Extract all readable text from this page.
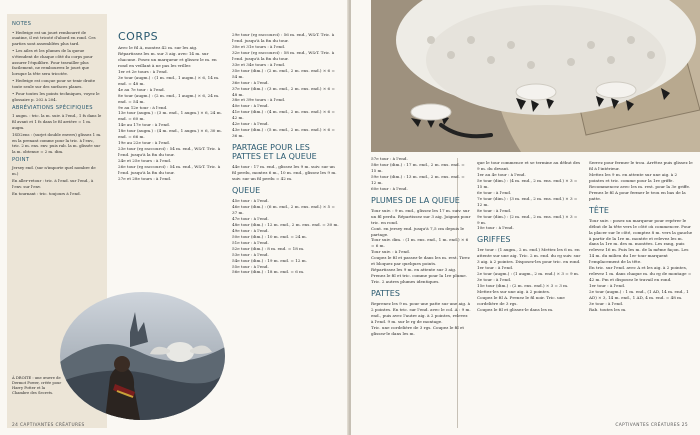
NOTES

• Hedwige est un jouet rembourré de ouatine, il est tricoté d'abord en rond. Ces parties sont assemblées plus tard.

• Les ailes et les plumes de la queue s'étendent de chaque côté du corps pour assurer l'équilibre. Pour travailler plus facilement, ne rembourrez le jouet que lorsque la tête sera tricotée.

• Hedwige est conçue pour se tenir droite toute seule sur des surfaces planes.

• Pour toutes les points techniques, voyez le glossaire p. 202 à 204.

ABRÉVIATIONS SPÉCIFIQUES

1 augm. : tric. la m. suiv. à l'end., 1 fs dans le fil avant et 1 fs dans le fil arrière = 1 m. augm.

1SD2ens : (surjet double envers) glissez 1 m. en la prenant comme pour la tric. à l'env., tric. 2 m. ens. env. puis rab. la m. glissée sur la m. obtenue = 2 m. dim.

POINT

Jersey end. (sur n'importe quel nombre de m.)

En aller-retour : tric. à l'end. sur l'end., à l'env. sur l'env.

En tournant : tric. toujours à l'end.

À DROITE : une œuvre de Dermot Power, créée pour Harry Potter et la Chambre des Secrets.
CORPS

Avec le fil A, montez 42 m. sur les aig.

Répartissez les m. sur 3 aig. avec 14 m. sur chacune. Posez un marqueur et glissez le m. en rond en veillant à ne pas les vriller.

1er et 2e tours : à l'end.

3e tour (augm.) : (1 m. end., 1 augm.) × 6, 14 m. end. = 48 m.

4e au 7e tour : à l'end.

8e tour (augm.) : (2 m. end., 1 augm.) × 6, 24 m. end. = 54 m.

9e au 12e tour : à l'end.

13e tour (augm.) : (3 m. end., 1 augm.) × 6, 24 m. end. = 60 m.

14e au 17e tour : à l'end.

18e tour (augm.) : (4 m. end., 1 augm.) × 6, 30 m. end. = 66 m.

19e au 22e tour : à l'end.

23e tour (rg raccourci) : 54 m. end., W&T. Tric. à l'end. jusqu'à la fin du tour.

24e et 25e tours : à l'end.

26e tour (rg raccourci) : 54 m. end., W&T. Tric. à l'end. jusqu'à la fin du tour.

27e et 28e tours : à l'end.

29e tour (rg raccourci) : 56 m. end., W&T. Tric. à l'end. jusqu'à la fin du tour.

30e et 31e tours : à l'end.

32e tour (rg raccourci) : 58 m. end., W&T. Tric. à l'end. jusqu'à la fin du tour.

33e et 34e tours : à l'end.

35e tour (dim.) : (2 m. end., 2 m. ens. end.) × 6 = 54 m.

36e tour : à l'end.

37e tour (dim.) : (3 m. end., 2 m. ens. end.) × 6 = 48 m.

38e et 39e tours : à l'end.

40e tour : à l'end.

41e tour (dim.) : (4 m. end., 2 m. ens. end.) × 6 = 42 m.

42e tour : à l'end.

43e tour (dim.) : (5 m. end., 2 m. ens. end.) × 6 = 36 m.

PARTAGE POUR LES PATTES ET LA QUEUE

44e tour : 17 m. end., glissez les 9 m. suiv. sur un fil perdu, montez 6 m., 10 m. end., glissez les 9 m. suiv. sur un fil perdu = 42 m.

QUEUE

45e tour : à l'end.

46e tour (dim.) : (6 m. end., 2 m. ens. end.) × 5 = 37 m.

47e tour : à l'end.

48e tour (dim.) : 12 m. end., 2 m. ens. end. = 30 m.

49e tour : à l'end.

50e tour (dim.) : 10 m. end. = 24 m.

51e tour : à l'end.

52e tour (dim.) : 8 m. end. = 18 m.

53e tour : à l'end.

54e tour (dim.) : 19 m. end. = 12 m.

55e tour : à l'end.

56e tour (dim.) : 18 m. end. = 6 m.

24 CAPTIVANTES CRÉATURES

57e tour : à l'end.

58e tour (dim.) : 17 m. end., 2 m. ens. end. = 15 m.

59e tour (dim.) : 13 m. end., 2 m. ens. end. = 12 m.

60e tour : à l'end.

PLUMES DE LA QUEUE

Tour suiv. : 9 m. end., glissez les 17 m. suiv. sur un fil perdu. Répartissez sur 3 aig. Joignez pour tric. en rond.

Cont. en jersey end. jusqu'à 7,5 cm depuis le partage.

Tour suiv. dim. : (1 m. ens. end., 1 m. end.) × 6 = 6 m.

Tour suiv. : à l'end.

Coupez le fil et passez-le dans les m. rest. Tirez et bloquez par quelques points.

Répartissez les 9 m. en attente sur 3 aig. Prenez le fil et tric. comme pour la 1re plume. Tric. 2 autres plumes identiques.

PATTES

Reprenez les 9 m. pour une patte sur une aig. à 2 pointes. En tric. sur l'end. avec le col. A : 9 m. end., puis avec l'autre aig. à 2 pointes, relevez à l'end. 9 m. sur le rg de montage.

Tric. une cordelière de 3 rgs. Coupez le fil et glissez-le dans les m.

que le tour commence et se termine au début des 9 m. du devant.

1er au 4e tour : à l'end.

5e tour (dim.) : (4 m. end., 2 m. ens. end.) × 3 = 15 m.

6e tour : à l'end.

7e tour (dim.) : (3 m. end., 2 m. ens. end.) × 3 = 12 m.

8e tour : à l'end.

9e tour (dim.) : (2 m. end., 2 m. ens. end.) × 3 = 9 m.

10e tour : à l'end.

GRIFFES

1er tour : (1 augm., 2 m. end.) Mettez les 6 m. en attente sur une aig. Tric. 2 m. end. du rg suiv. sur 3 aig. à 2 pointes. Disposez-les pour tric. en rond.

1er tour : à l'end.

2e tour (augm.) : (1 augm., 2 m. end.) × 3 = 9 m.

3e tour : à l'end.

15e tour (dim.) : (2 m. ens. end.) × 3 = 3 m.

Mettez-les sur une aig. à 2 pointes.

Coupez le fil A. Prenez le fil noir. Tric. une cordelière de 3 rgs.

Coupez le fil et glissez-le dans les m.

Serrez pour fermer le trou. Arrêtez puis glissez le fil à l'intérieur.

Mettez les 9 m. en attente sur une aig. à 2 pointes et tric. comme pour la 1re griffe. Recommencez avec les m. rest. pour la 3e griffe.

Prenez le fil A pour fermer le trou en bas de la patte.

TÊTE

Tour suiv. : posez un marqueur pour repérer le début de la tête vers le côté où commencer. Pour la placer sur le côté, comptez 8 m. vers la gauche à partir de la 1re m. montée et relevez les m. dans la 1re m. des m. montées. Les rang, puis relevez 16 m. Puis les m. de la même façon. Les 14 m. du milieu du 1er tour marquent l'emplacement de la tête.

En tric. sur l'end. avec A et les aig. à 2 pointes, relevez 1 m. dans chaque m. du rg de montage = 42 m. Pm et disposez le travail en rond.

1er tour : à l'end.

2e tour (augm.) : 1 m. end., (1 AD, 14 m. end., 1 AD) × 3, 14 m. end., 1 AD, 4 m. end. = 48 m.

3e tour : à l'end.

Rab. toutes les m.

CAPTIVANTES CRÉATURES 25
